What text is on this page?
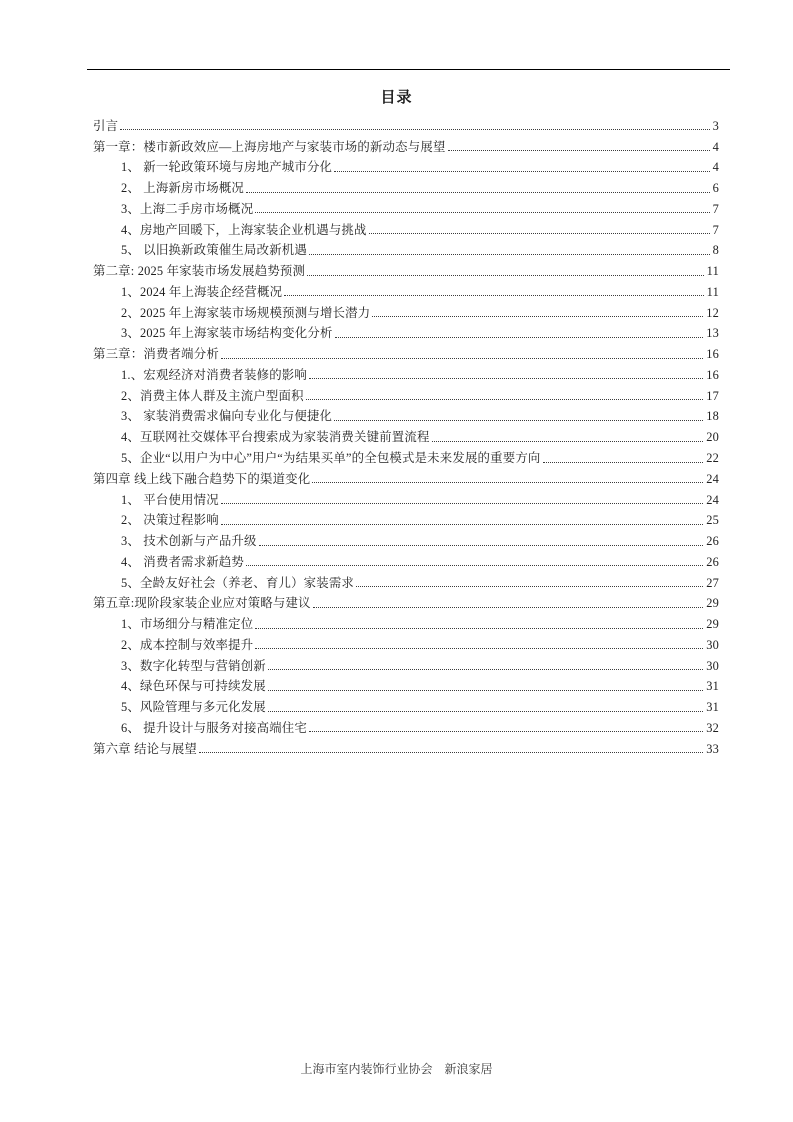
目录
引言	3
第一章：楼市新政效应—上海房地产与家装市场的新动态与展望	4
1、 新一轮政策环境与房地产城市分化	4
2、 上海新房市场概况	6
3、上海二手房市场概况	7
4、房地产回暖下，上海家装企业机遇与挑战	7
5、 以旧换新政策催生局改新机遇	8
第二章: 2025 年家装市场发展趋势预测	11
1、2024 年上海装企经营概况	11
2、2025 年上海家装市场规模预测与增长潜力	12
3、2025 年上海家装市场结构变化分析	13
第三章：消费者端分析	16
1.、宏观经济对消费者装修的影响	16
2、消费主体人群及主流户型面积	17
3、 家装消费需求偏向专业化与便捷化	18
4、互联网社交媒体平台搜索成为家装消费关键前置流程	20
5、企业“以用户为中心”用户“为结果买单”的全包模式是未来发展的重要方向	22
第四章 线上线下融合趋势下的渠道变化	24
1、 平台使用情况	24
2、 决策过程影响	25
3、 技术创新与产品升级	26
4、 消费者需求新趋势	26
5、全龄友好社会（养老、育儿）家装需求	27
第五章:现阶段家装企业应对策略与建议	29
1、市场细分与精准定位	29
2、成本控制与效率提升	30
3、数字化转型与营销创新	30
4、绿色环保与可持续发展	31
5、风险管理与多元化发展	31
6、 提升设计与服务对接高端住宅	32
第六章 结论与展望	33
上海市室内装饰行业协会　新浪家居
